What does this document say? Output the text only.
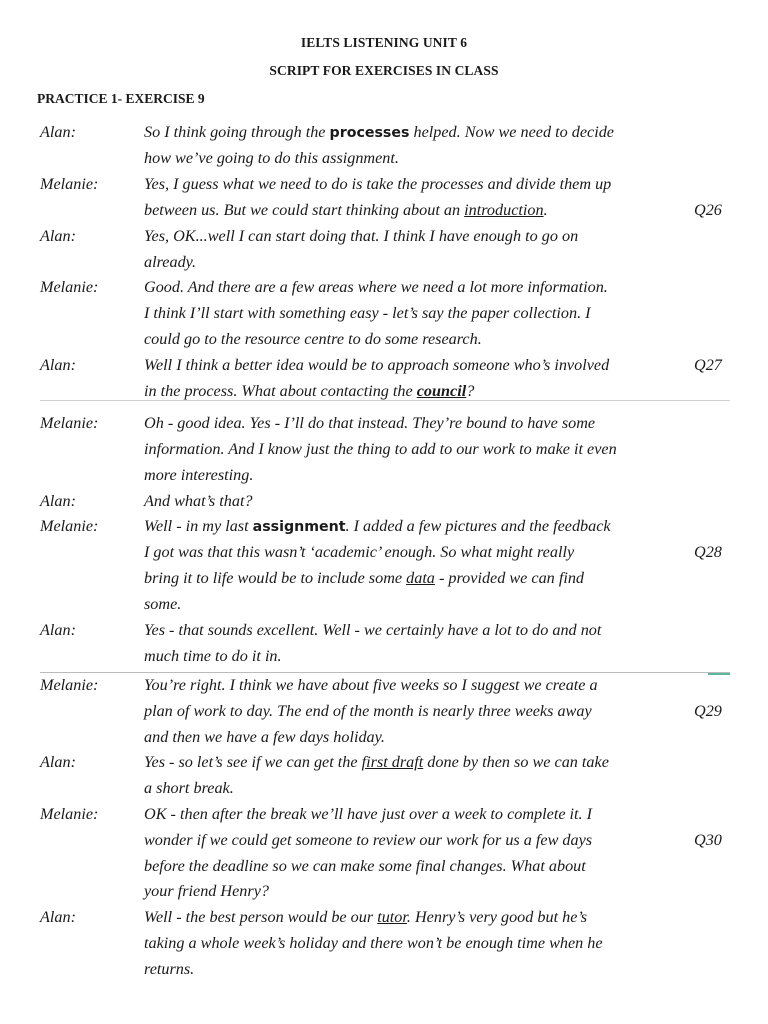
IELTS LISTENING UNIT 6
SCRIPT FOR EXERCISES IN CLASS
PRACTICE 1- EXERCISE 9
Alan:	So I think going through the processes helped. Now we need to decide
how we’ve going to do this assignment.
Melanie:	Yes, I guess what we need to do is take the processes and divide them up
between us. But we could start thinking about an introduction.	Q26
Alan:	Yes, OK...well I can start doing that. I think I have enough to go on
already.
Melanie:	Good. And there are a few areas where we need a lot more information.
I think I’ll start with something easy - let’s say the paper collection. I
could go to the resource centre to do some research.
Alan:	Well I think a better idea would be to approach someone who’s involved	Q27
in the process. What about contacting the council?
Melanie:	Oh - good idea. Yes - I’ll do that instead. They’re bound to have some
information. And I know just the thing to add to our work to make it even
more interesting.
Alan:	And what’s that?
Melanie:	Well - in my last assignment. I added a few pictures and the feedback
I got was that this wasn’t ‘academic’ enough. So what might really	Q28
bring it to life would be to include some data - provided we can find
some.
Alan:	Yes - that sounds excellent. Well - we certainly have a lot to do and not
much time to do it in.
Melanie:	You’re right. I think we have about five weeks so I suggest we create a
plan of work to day. The end of the month is nearly three weeks away	Q29
and then we have a few days holiday.
Alan:	Yes - so let’s see if we can get the first draft done by then so we can take
a short break.
Melanie:	OK - then after the break we’ll have just over a week to complete it. I
wonder if we could get someone to review our work for us a few days	Q30
before the deadline so we can make some final changes. What about
your friend Henry?
Alan:	Well - the best person would be our tutor. Henry’s very good but he’s
taking a whole week’s holiday and there won’t be enough time when he
returns.
